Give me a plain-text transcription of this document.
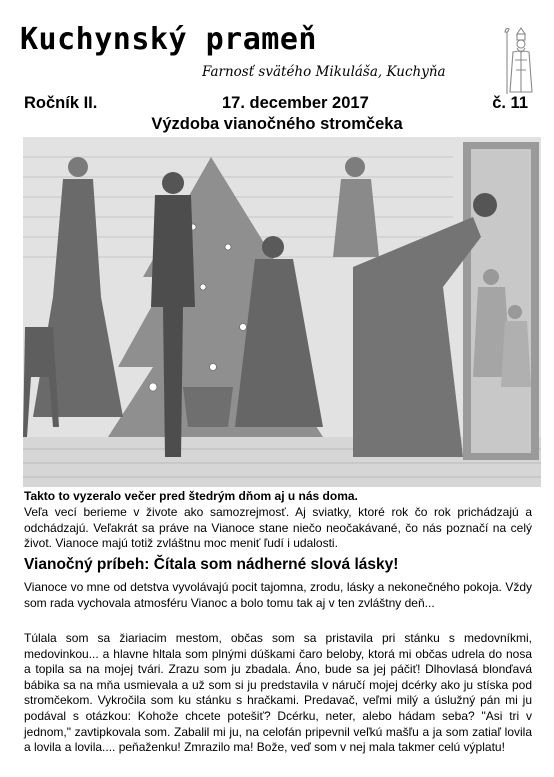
Kuchynský prameň
Farnosť svätého Mikuláša, Kuchyňa
Ročník II.	17. december 2017	č. 11
Výzdoba vianočného stromčeka

Takto to vyzeralo večer pred štedrým dňom aj u nás doma.

Veľa vecí berieme v živote ako samozrejmosť. Aj sviatky, ktoré rok čo rok prichádzajú a odchádzajú. Veľakrát sa práve na Vianoce stane niečo neočakávané, čo nás poznačí na celý život. Vianoce majú totiž zvláštnu moc meniť ľudí i udalosti.

Vianočný príbeh: Čítala som nádherné slová lásky!

Vianoce vo mne od detstva vyvolávajú pocit tajomna, zrodu, lásky a nekonečného pokoja. Vždy som rada vychovala atmosféru Vianoc a bolo tomu tak aj v ten zvláštny deň...

Túlala som sa žiariacim mestom, občas som sa pristavila pri stánku s medovníkmi, medovinkou... a hlavne hltala som plnými dúškami čaro beloby, ktorá mi občas udrela do nosa a topila sa na mojej tvári. Zrazu som ju zbadala. Áno, bude sa jej páčiť! Dlhovlasá blonďavá bábika sa na mňa usmievala a už som si ju predstavila v náručí mojej dcérky ako ju stíska pod stromčekom. Vykročila som ku stánku s hračkami. Predavač, veľmi milý a úslužný pán mi ju podával s otázkou: Kohože chcete potešiť? Dcérku, neter, alebo hádam seba? "Asi tri v jednom," zavtipkovala som. Zabalil mi ju, na celofán pripevnil veľkú mašľu a ja som zatiaľ lovila a lovila a lovila.... peňaženku! Zmrazilo ma! Bože, veď som v nej mala takmer celú výplatu!
